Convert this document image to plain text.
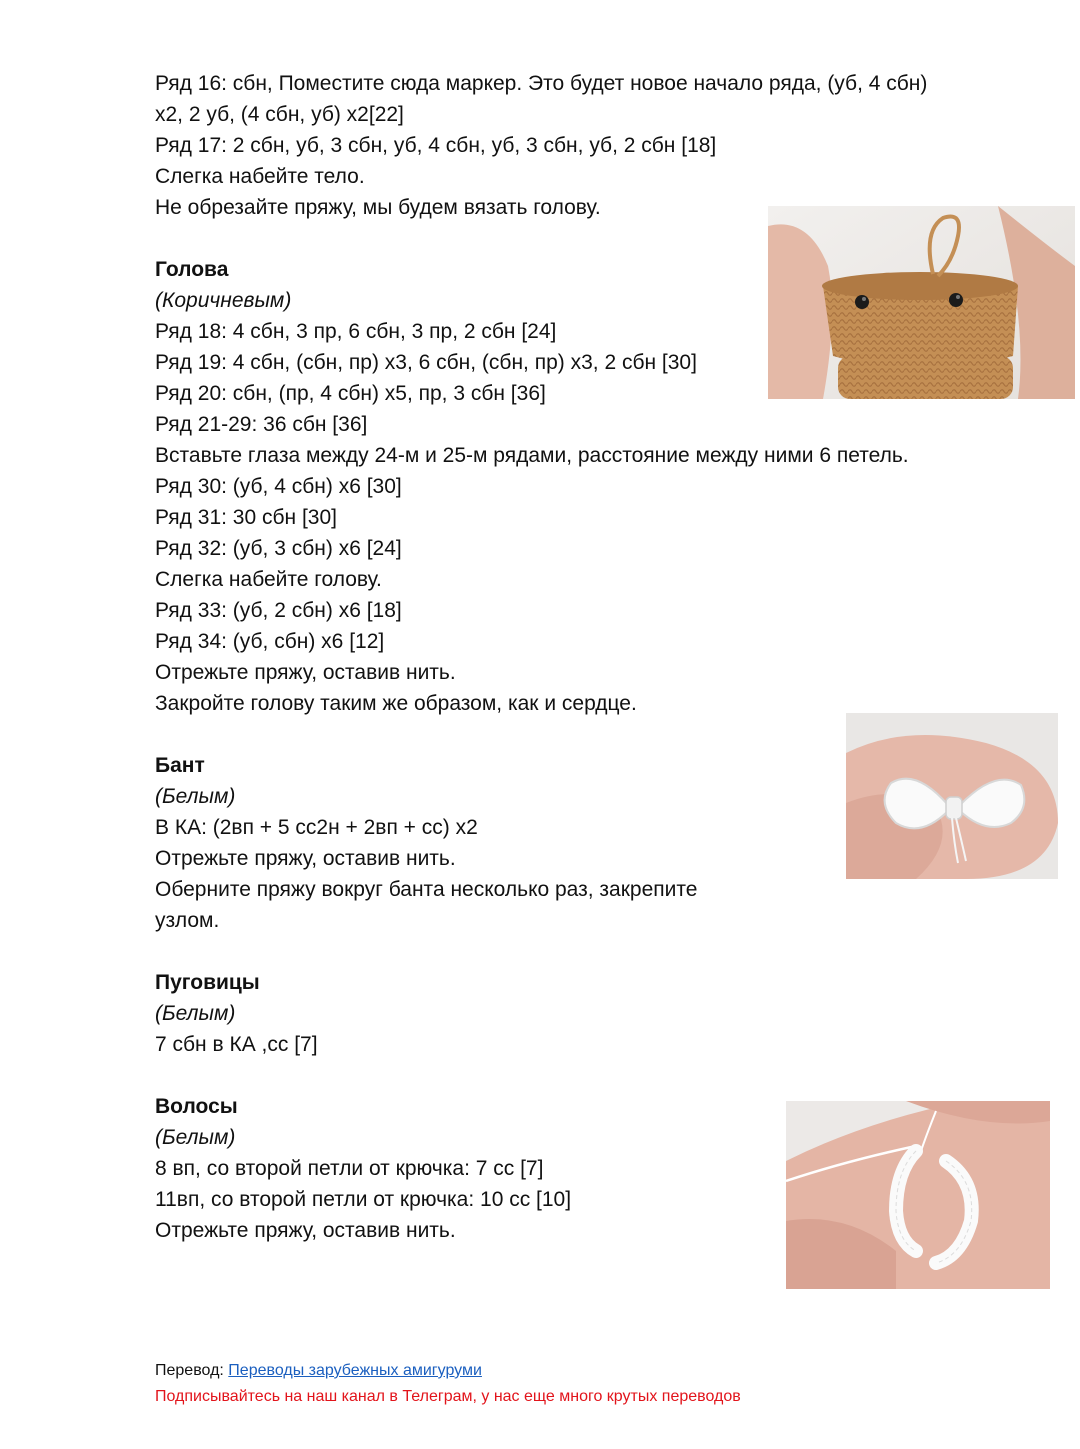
Ряд 16: сбн, Поместите сюда маркер. Это будет новое начало ряда, (уб, 4 сбн)
x2, 2 уб, (4 сбн, уб) x2[22]
Ряд 17: 2 сбн, уб, 3 сбн, уб, 4 сбн, уб, 3 сбн, уб, 2 сбн [18]
Слегка набейте тело.
Не обрезайте пряжу, мы будем вязать голову.
Голова
(Коричневым)
Ряд 18: 4 сбн, 3 пр, 6 сбн, 3 пр, 2 сбн [24]
Ряд 19: 4 сбн, (сбн, пр) x3, 6 сбн, (сбн, пр) x3, 2 сбн [30]
Ряд 20: сбн, (пр, 4 сбн) x5, пр, 3 сбн [36]
Ряд 21-29: 36 сбн [36]
Вставьте глаза между 24-м и 25-м рядами, расстояние между ними 6 петель.
Ряд 30: (уб, 4 сбн) x6 [30]
Ряд 31: 30 сбн [30]
Ряд 32: (уб, 3 сбн) x6 [24]
Слегка набейте голову.
Ряд 33: (уб, 2 сбн) x6 [18]
Ряд 34: (уб, сбн) x6 [12]
Отрежьте пряжу, оставив нить.
Закройте голову таким же образом, как и сердце.
Бант
(Белым)
В КА: (2вп + 5 сс2н + 2вп + сс) x2
Отрежьте пряжу, оставив нить.
Оберните пряжу вокруг банта несколько раз, закрепите
узлом.
Пуговицы
(Белым)
7 сбн в КА ,сс [7]
Волосы
(Белым)
8 вп, со второй петли от крючка: 7 сс [7]
11вп, со второй петли от крючка: 10 сс [10]
Отрежьте пряжу, оставив нить.
Перевод: Переводы зарубежных амигуруми
Подписывайтесь на наш канал в Телеграм, у нас еще много крутых переводов
